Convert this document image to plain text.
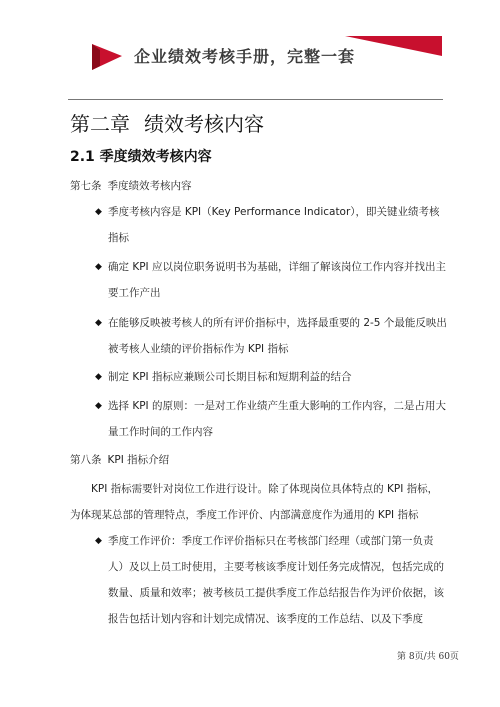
企业绩效考核手册，完整一套
第二章 绩效考核内容
2.1 季度绩效考核内容
第七条 季度绩效考核内容
◆ 季度考核内容是 KPI（Key Performance Indicator），即关键业绩考核指标
◆ 确定 KPI 应以岗位职务说明书为基础，详细了解该岗位工作内容并找出主要工作产出
◆ 在能够反映被考核人的所有评价指标中，选择最重要的 2-5 个最能反映出被考核人业绩的评价指标作为 KPI 指标
◆ 制定 KPI 指标应兼顾公司长期目标和短期利益的结合
◆ 选择 KPI 的原则：一是对工作业绩产生重大影响的工作内容，二是占用大量工作时间的工作内容
第八条 KPI 指标介绍
KPI 指标需要针对岗位工作进行设计。除了体现岗位具体特点的 KPI 指标，为体现某总部的管理特点，季度工作评价、内部满意度作为通用的 KPI 指标
◆ 季度工作评价：季度工作评价指标只在考核部门经理（或部门第一负责人）及以上员工时使用，主要考核该季度计划任务完成情况，包括完成的数量、质量和效率；被考核员工提供季度工作总结报告作为评价依据，该报告包括计划内容和计划完成情况、该季度的工作总结、以及下季度
第 8页/共 60页
